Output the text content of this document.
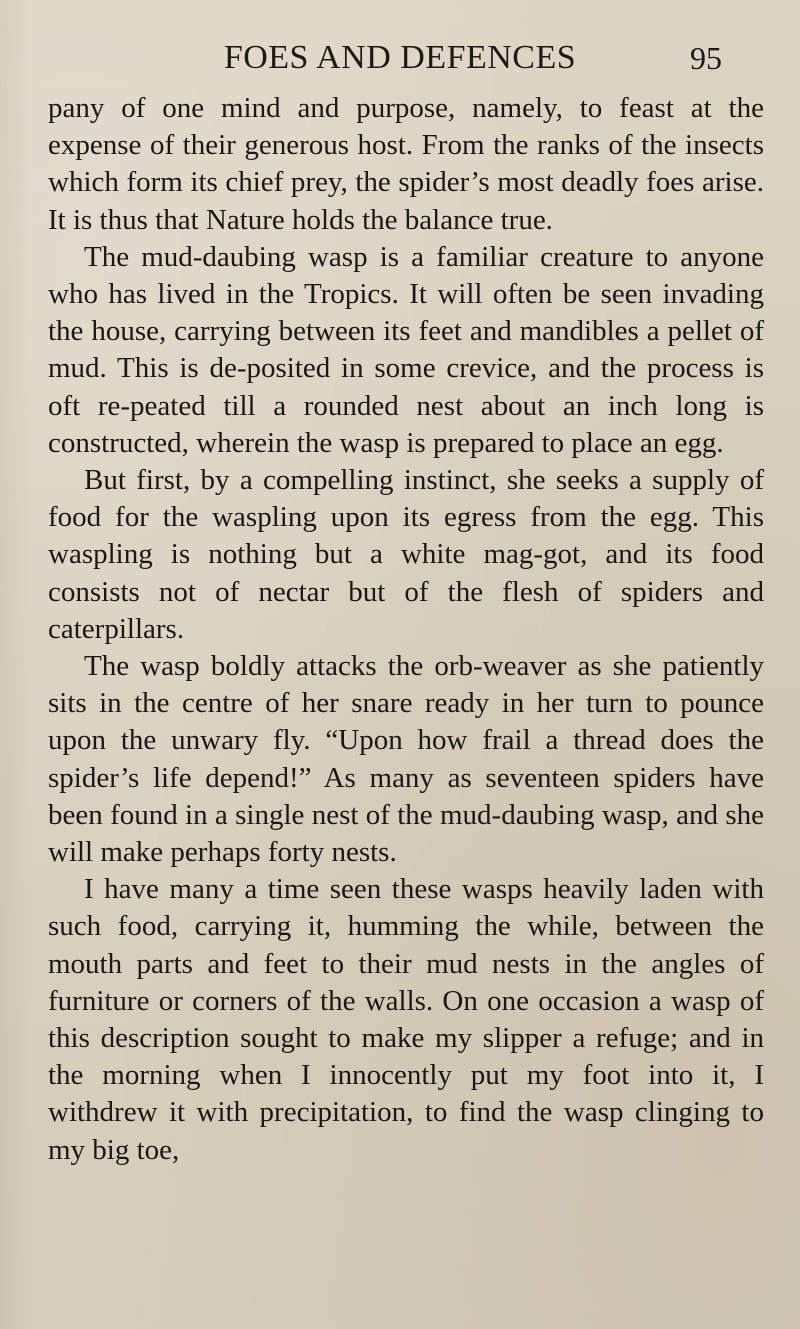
FOES AND DEFENCES	95

pany of one mind and purpose, namely, to feast at the expense of their generous host. From the ranks of the insects which form its chief prey, the spider’s most deadly foes arise. It is thus that Nature holds the balance true.

The mud-daubing wasp is a familiar creature to anyone who has lived in the Tropics. It will often be seen invading the house, carrying between its feet and mandibles a pellet of mud. This is de-posited in some crevice, and the process is oft re-peated till a rounded nest about an inch long is constructed, wherein the wasp is prepared to place an egg.

But first, by a compelling instinct, she seeks a supply of food for the waspling upon its egress from the egg. This waspling is nothing but a white mag-got, and its food consists not of nectar but of the flesh of spiders and caterpillars.

The wasp boldly attacks the orb-weaver as she patiently sits in the centre of her snare ready in her turn to pounce upon the unwary fly. “Upon how frail a thread does the spider’s life depend!” As many as seventeen spiders have been found in a single nest of the mud-daubing wasp, and she will make perhaps forty nests.

I have many a time seen these wasps heavily laden with such food, carrying it, humming the while, between the mouth parts and feet to their mud nests in the angles of furniture or corners of the walls. On one occasion a wasp of this description sought to make my slipper a refuge; and in the morning when I innocently put my foot into it, I withdrew it with precipitation, to find the wasp clinging to my big toe,
